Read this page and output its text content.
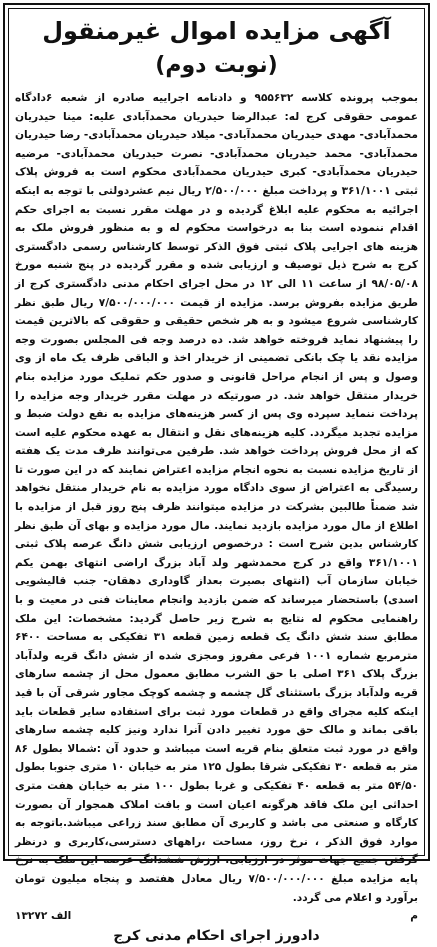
آگهی مزایده اموال غیرمنقول
(نوبت دوم)

بموجب پرونده کلاسه ۹۵۵۶۳۲ و دادنامه اجراییه صادره از شعبه ۶دادگاه عمومی حقوقی کرج له: عبدالرضا حیدریان محمدآبادی علیه: مینا حیدریان محمدآبادی- مهدی حیدریان محمدآبادی- میلاد حیدریان محمدآبادی- رضا حیدریان محمدآبادی- محمد حیدریان محمدآبادی- نصرت حیدریان محمدآبادی- مرضیه حیدریان محمدآبادی- کبری حیدریان محمدآبادی محکوم است به فروش پلاک ثبتی ۳۶۱/۱۰۰۱ و پرداخت مبلغ ۲/۵۰۰/۰۰۰ ریال نیم عشردولتی با توجه به اینکه اجرائیه به محکوم علیه ابلاغ گردیده و در مهلت مقرر نسبت به اجرای حکم اقدام ننموده است بنا به درخواست محکوم له و به منظور فروش ملک به هزینه های اجرایی پلاک ثبتی فوق الذکر توسط کارشناس رسمی دادگستری کرج به شرح ذیل توصیف و ارزیابی شده و مقرر گردیده در پنج شنبه مورخ ۹۸/۰۵/۰۸ از ساعت ۱۱ الی ۱۲ در محل اجرای احکام مدنی دادگستری کرج از طریق مزایده بفروش برسد. مزایده از قیمت ۷/۵۰۰/۰۰۰/۰۰۰ ریال طبق نظر کارشناسی شروع میشود و به هر شخص حقیقی و حقوقی که بالاترین قیمت را پیشنهاد نماید فروخته خواهد شد. ده درصد وجه فی المجلس بصورت وجه مزایده نقد یا چک بانکی تضمینی از خریدار اخذ و الباقی ظرف یک ماه از وی وصول و پس از انجام مراحل قانونی و صدور حکم تملیک مورد مزایده بنام خریدار منتقل خواهد شد. در صورتیکه در مهلت مقرر خریدار وجه مزایده را پرداخت ننماید سپرده وی پس از کسر هزینه‌های مزایده به نفع دولت ضبط و مزایده تجدید میگردد. کلیه هزینه‌های نقل و انتقال به عهده محکوم علیه است که از محل فروش پرداخت خواهد شد. طرفین می‌توانند ظرف مدت یک هفته از تاریخ مزایده نسبت به نحوه انجام مزایده اعتراض نمایند که در این صورت تا رسیدگی به اعتراض از سوی دادگاه مورد مزایده به نام خریدار منتقل نخواهد شد ضمناً طالبین بشرکت در مزایده میتوانند ظرف پنج روز قبل از مزایده با اطلاع از مال مورد مزایده بازدید نمایند. مال مورد مزایده و بهای آن طبق نظر کارشناس بدین شرح است : درخصوص ارزیابی شش دانگ عرصه پلاک ثبتی ۳۶۱/۱۰۰۱ واقع در کرج محمدشهر ولد آباد بزرگ اراضی انتهای بهمن یکم خیابان سازمان آب (انتهای بصیرت بعداز گاوداری دهقان- جنب قالیشویی اسدی) باستحضار میرساند که ضمن بازدید وانجام معاینات فنی در معیت و با راهنمایی محکوم له نتایج به شرح زیر حاصل گردید: مشخصات: این ملک مطابق سند شش دانگ یک قطعه زمین قطعه ۳۱ تفکیکی به مساحت ۶۴۰۰ مترمربع شماره ۱۰۰۱ فرعی مفروز ومجزی شده از شش دانگ قریه ولدآباد بزرگ پلاک ۳۶۱ اصلی با حق الشرب مطابق معمول محل از چشمه سارهای قریه ولدآباد بزرگ باستثنای گل چشمه و چشمه کوچک مجاور شرقی آن با قید اینکه کلیه مجرای واقع در قطعات مورد ثبت برای استفاده سایر قطعات باید باقی بماند و مالک حق مورد تغییر دادن آنرا ندارد ونیز کلیه چشمه سارهای واقع در مورد ثبت متعلق بنام قریه است میباشد و حدود آن :شمالا بطول ۸۶ متر به قطعه ۳۰ تفکیکی شرقا بطول ۱۲۵ متر به خیابان ۱۰ متری جنوبا بطول ۵۴/۵۰ متر به قطعه ۴۰ تفکیکی و غربا بطول ۱۰۰ متر به خیابان هفت متری احداثی این ملک فاقد هرگونه اعیان است و بافت املاک همجوار آن بصورت کارگاه و صنعتی می باشد و کاربری آن مطابق سند زراعی میباشد.باتوجه به موارد فوق الذکر ، نرخ روز، مساحت ،راههای دسترسی،کاربری و درنظر گرفتن جمیع جهات موثر در ارزیابی، ارزش ششدانگ عرصه این ملک به نرخ پایه مزایده مبلغ ۷/۵۰۰/۰۰۰/۰۰۰ ریال معادل هفتصد و پنجاه میلیون تومان برآورد و اعلام می گردد.

م
الف ۱۳۲۷۲
دادورز اجرای احکام مدنی کرج
